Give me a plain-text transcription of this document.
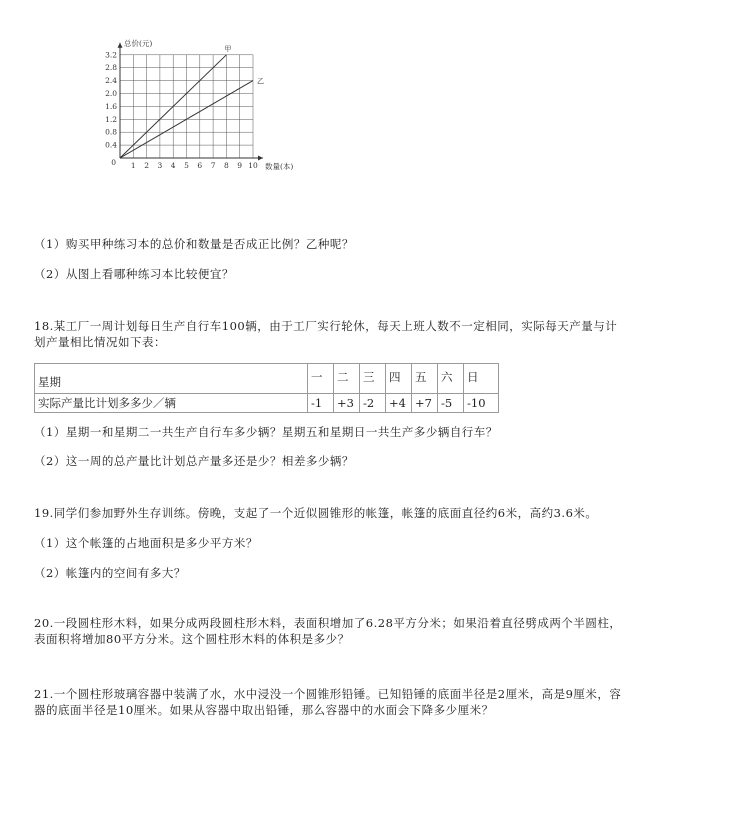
甲
乙
1 2 3 4 5 6 7 8 9 10
0.4
0.8
1.2
1.6
2.0
2.4
2.8
3.2
0
总价(元)
数量(本)
（1）购买甲种练习本的总价和数量是否成正比例？乙种呢？
（2）从图上看哪种练习本比较便宜？
18.某工厂一周计划每日生产自行车100辆，由于工厂实行轮休，每天上班人数不一定相同，实际每天产量与计
划产量相比情况如下表：
星期	一	二	三	四	五	六	日
实际产量比计划多多少／辆	-1	+3	-2	+4	+7	-5	-10
（1）星期一和星期二一共生产自行车多少辆？星期五和星期日一共生产多少辆自行车？
（2）这一周的总产量比计划总产量多还是少？相差多少辆？
19.同学们参加野外生存训练。傍晚，支起了一个近似圆锥形的帐篷，帐篷的底面直径约6米，高约3.6米。
（1）这个帐篷的占地面积是多少平方米？
（2）帐篷内的空间有多大？
20.一段圆柱形木料，如果分成两段圆柱形木料，表面积增加了6.28平方分米；如果沿着直径劈成两个半圆柱，
表面积将增加80平方分米。这个圆柱形木料的体积是多少？
21.一个圆柱形玻璃容器中装满了水，水中浸没一个圆锥形铅锤。已知铅锤的底面半径是2厘米，高是9厘米，容
器的底面半径是10厘米。如果从容器中取出铅锤，那么容器中的水面会下降多少厘米？
